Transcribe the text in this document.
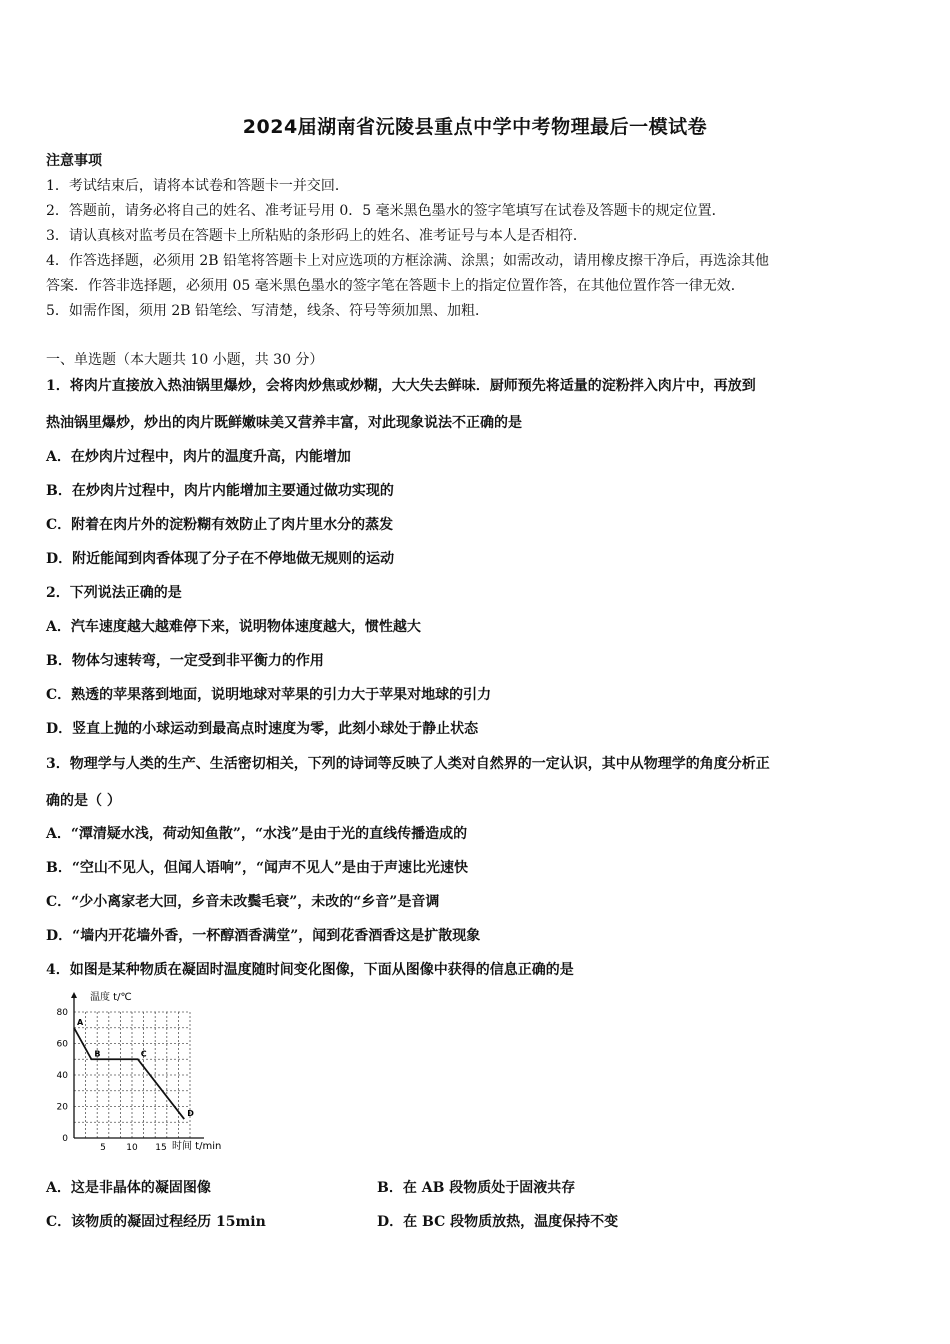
2024届湖南省沅陵县重点中学中考物理最后一模试卷
注意事项
1．考试结束后，请将本试卷和答题卡一并交回．
2．答题前，请务必将自己的姓名、准考证号用 0．5 毫米黑色墨水的签字笔填写在试卷及答题卡的规定位置．
3．请认真核对监考员在答题卡上所粘贴的条形码上的姓名、准考证号与本人是否相符．
4．作答选择题，必须用 2B 铅笔将答题卡上对应选项的方框涂满、涂黑；如需改动，请用橡皮擦干净后，再选涂其他
答案．作答非选择题，必须用 05 毫米黑色墨水的签字笔在答题卡上的指定位置作答，在其他位置作答一律无效．
5．如需作图，须用 2B 铅笔绘、写清楚，线条、符号等须加黑、加粗．
一、单选题（本大题共 10 小题，共 30 分）
1．将肉片直接放入热油锅里爆炒，会将肉炒焦或炒糊，大大失去鲜味．厨师预先将适量的淀粉拌入肉片中，再放到
热油锅里爆炒，炒出的肉片既鲜嫩味美又营养丰富，对此现象说法不正确的是
A．在炒肉片过程中，肉片的温度升高，内能增加
B．在炒肉片过程中，肉片内能增加主要通过做功实现的
C．附着在肉片外的淀粉糊有效防止了肉片里水分的蒸发
D．附近能闻到肉香体现了分子在不停地做无规则的运动
2．下列说法正确的是
A．汽车速度越大越难停下来，说明物体速度越大，惯性越大
B．物体匀速转弯，一定受到非平衡力的作用
C．熟透的苹果落到地面，说明地球对苹果的引力大于苹果对地球的引力
D．竖直上抛的小球运动到最高点时速度为零，此刻小球处于静止状态
3．物理学与人类的生产、生活密切相关，下列的诗词等反映了人类对自然界的一定认识，其中从物理学的角度分析正
确的是（ ）
A．“潭清疑水浅，荷动知鱼散”，“水浅”是由于光的直线传播造成的
B．“空山不见人，但闻人语响”，“闻声不见人”是由于声速比光速快
C．“少小离家老大回，乡音未改鬓毛衰”，未改的“乡音”是音调
D．“墙内开花墙外香，一杯醇酒香满堂”，闻到花香酒香这是扩散现象
4．如图是某种物质在凝固时温度随时间变化图像，下面从图像中获得的信息正确的是
80
60
40
20
0
5 10 15
A
B	C
D
温度 t/℃
时间 t/min
A．这是非晶体的凝固图像	B．在 AB 段物质处于固液共存
C．该物质的凝固过程经历 15min	D．在 BC 段物质放热，温度保持不变
